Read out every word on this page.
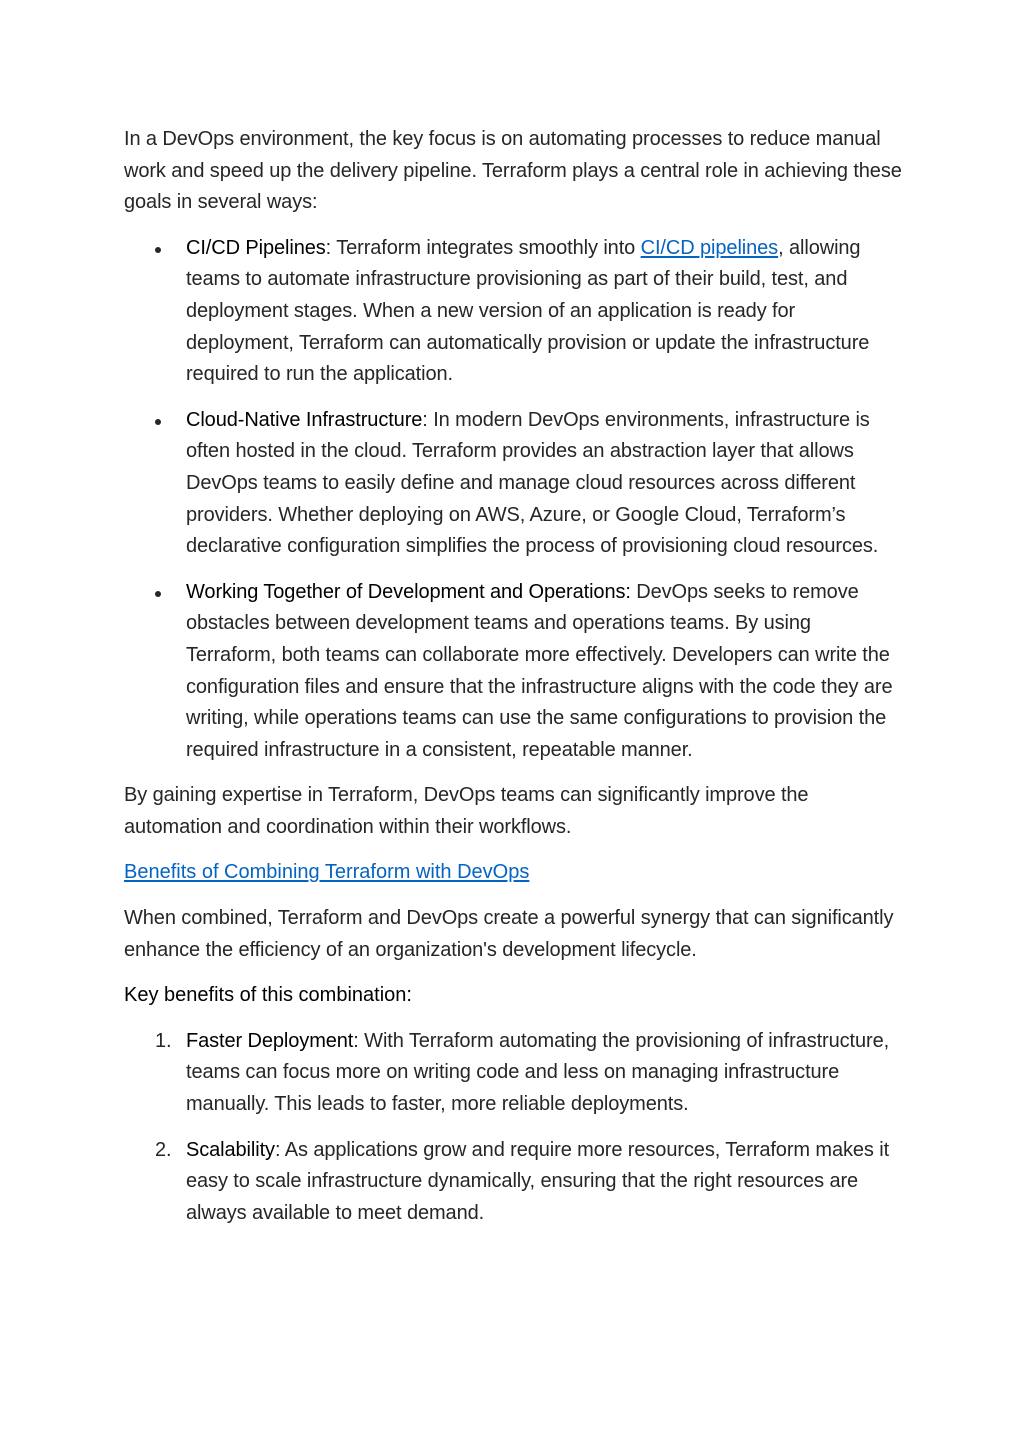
In a DevOps environment, the key focus is on automating processes to reduce manual work and speed up the delivery pipeline. Terraform plays a central role in achieving these goals in several ways:

CI/CD Pipelines: Terraform integrates smoothly into CI/CD pipelines, allowing teams to automate infrastructure provisioning as part of their build, test, and deployment stages. When a new version of an application is ready for deployment, Terraform can automatically provision or update the infrastructure required to run the application.
Cloud-Native Infrastructure: In modern DevOps environments, infrastructure is often hosted in the cloud. Terraform provides an abstraction layer that allows DevOps teams to easily define and manage cloud resources across different providers. Whether deploying on AWS, Azure, or Google Cloud, Terraform’s declarative configuration simplifies the process of provisioning cloud resources.
Working Together of Development and Operations: DevOps seeks to remove obstacles between development teams and operations teams. By using Terraform, both teams can collaborate more effectively. Developers can write the configuration files and ensure that the infrastructure aligns with the code they are writing, while operations teams can use the same configurations to provision the required infrastructure in a consistent, repeatable manner.

By gaining expertise in Terraform, DevOps teams can significantly improve the automation and coordination within their workflows.

Benefits of Combining Terraform with DevOps

When combined, Terraform and DevOps create a powerful synergy that can significantly enhance the efficiency of an organization's development lifecycle.

Key benefits of this combination:

1. Faster Deployment: With Terraform automating the provisioning of infrastructure, teams can focus more on writing code and less on managing infrastructure manually. This leads to faster, more reliable deployments.
2. Scalability: As applications grow and require more resources, Terraform makes it easy to scale infrastructure dynamically, ensuring that the right resources are always available to meet demand.
